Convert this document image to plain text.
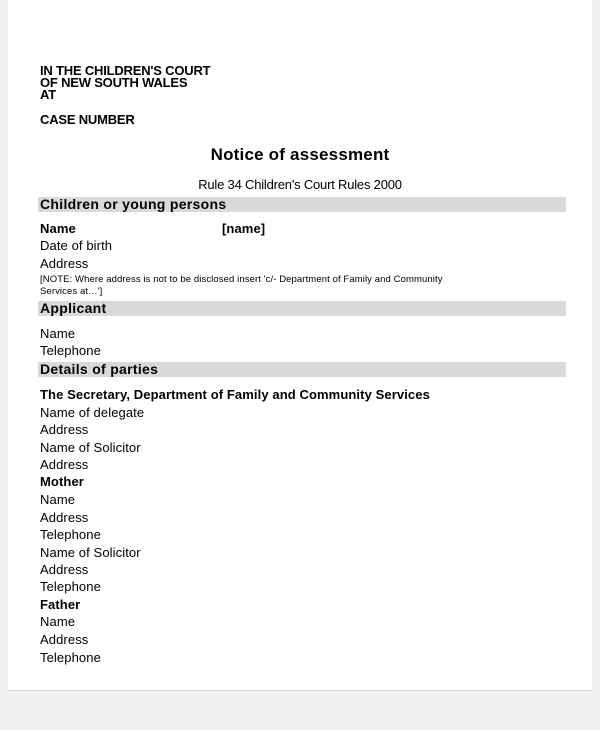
IN THE CHILDREN'S COURT
OF NEW SOUTH WALES
AT
CASE NUMBER
Notice of assessment
Rule 34 Children's Court Rules 2000
Children or young persons
Name	[name]
Date of birth
Address
[NOTE: Where address is not to be disclosed insert 'c/- Department of Family and Community
Services at…']
Applicant
Name
Telephone
Details of parties
The Secretary, Department of Family and Community Services
Name of delegate
Address
Name of Solicitor
Address
Mother
Name
Address
Telephone
Name of Solicitor
Address
Telephone
Father
Name
Address
Telephone
